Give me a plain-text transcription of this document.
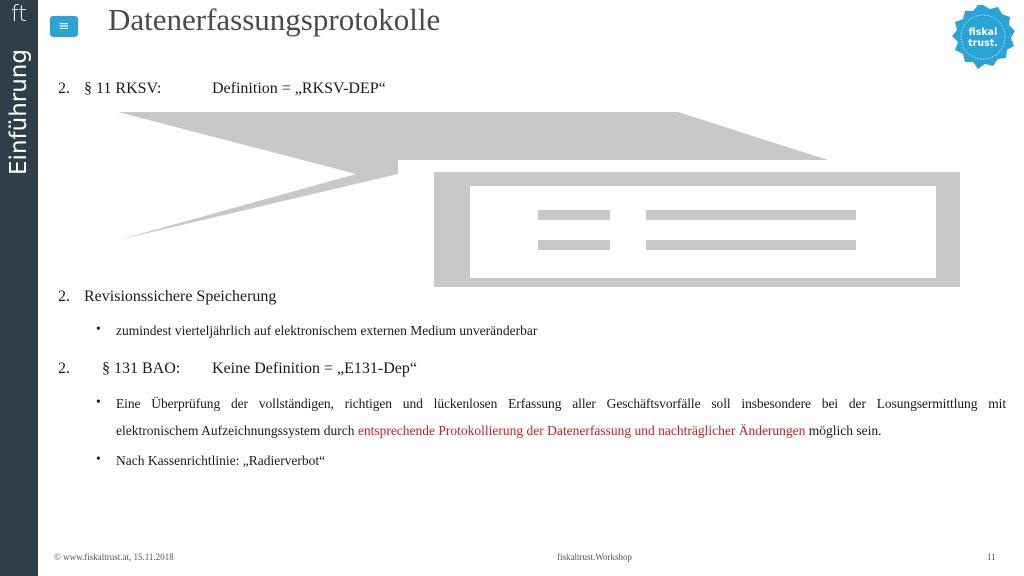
ft
Einführung
≡ Datenerfassungsprotokolle	fiskal
trust.
2. § 11 RKSV:	Definition = „RKSV-DEP“
2. Revisionssichere Speicherung
• zumindest vierteljährlich auf elektronischem externen Medium unveränderbar
2. § 131 BAO: Keine Definition = „E131-Dep“
• Eine Überprüfung der vollständigen, richtigen und lückenlosen Erfassung aller Geschäftsvorfälle soll insbesondere bei der Losungsermittlung mit
elektronischem Aufzeichnungssystem durch entsprechende Protokollierung der Datenerfassung und nachträglicher Änderungen möglich sein.
• Nach Kassenrichtlinie: „Radierverbot“
© www.fiskaltrust.at, 15.11.2018	fiskaltrust.Workshop	11
